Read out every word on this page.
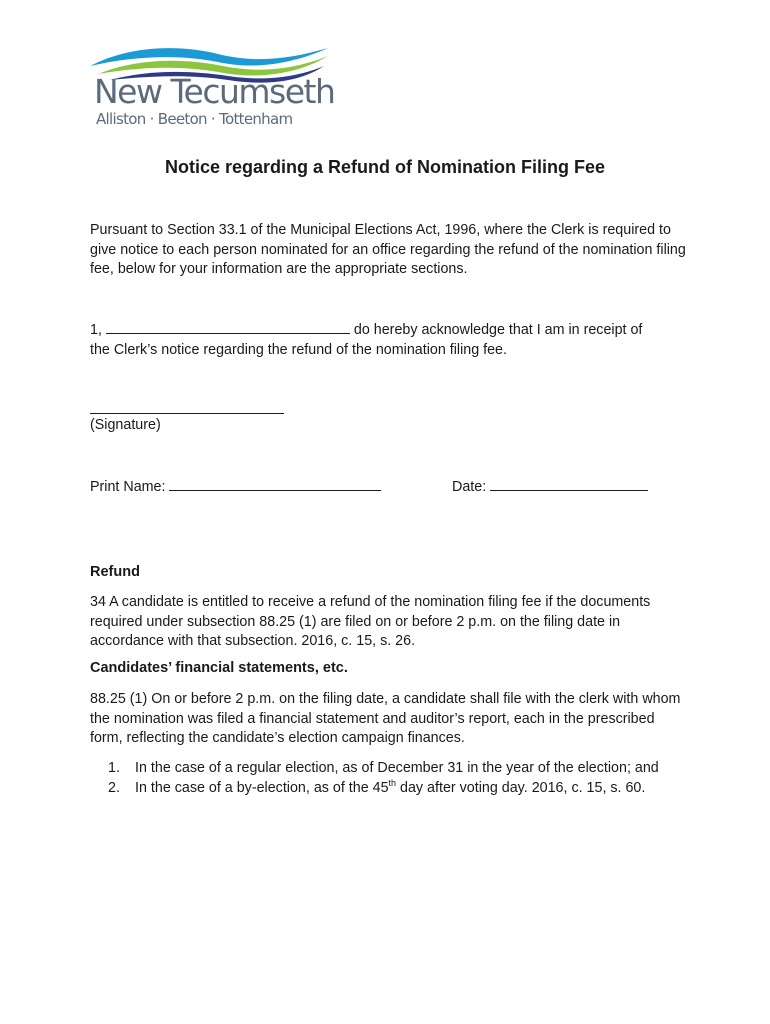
New Tecumseth
Alliston · Beeton · Tottenham
Notice regarding a Refund of Nomination Filing Fee

Pursuant to Section 33.1 of the Municipal Elections Act, 1996, where the Clerk is required to give notice to each person nominated for an office regarding the refund of the nomination filing fee, below for your information are the appropriate sections.

1,	do hereby acknowledge that I am in receipt of
the Clerk’s notice regarding the refund of the nomination filing fee.
(Signature)
Print Name:	Date:
Refund

34 A candidate is entitled to receive a refund of the nomination filing fee if the documents required under subsection 88.25 (1) are filed on or before 2 p.m. on the filing date in accordance with that subsection. 2016, c. 15, s. 26.

Candidates’ financial statements, etc.

88.25 (1) On or before 2 p.m. on the filing date, a candidate shall file with the clerk with whom the nomination was filed a financial statement and auditor’s report, each in the prescribed form, reflecting the candidate’s election campaign finances.

1. In the case of a regular election, as of December 31 in the year of the election; and
2. In the case of a by-election, as of the 45th day after voting day. 2016, c. 15, s. 60.
